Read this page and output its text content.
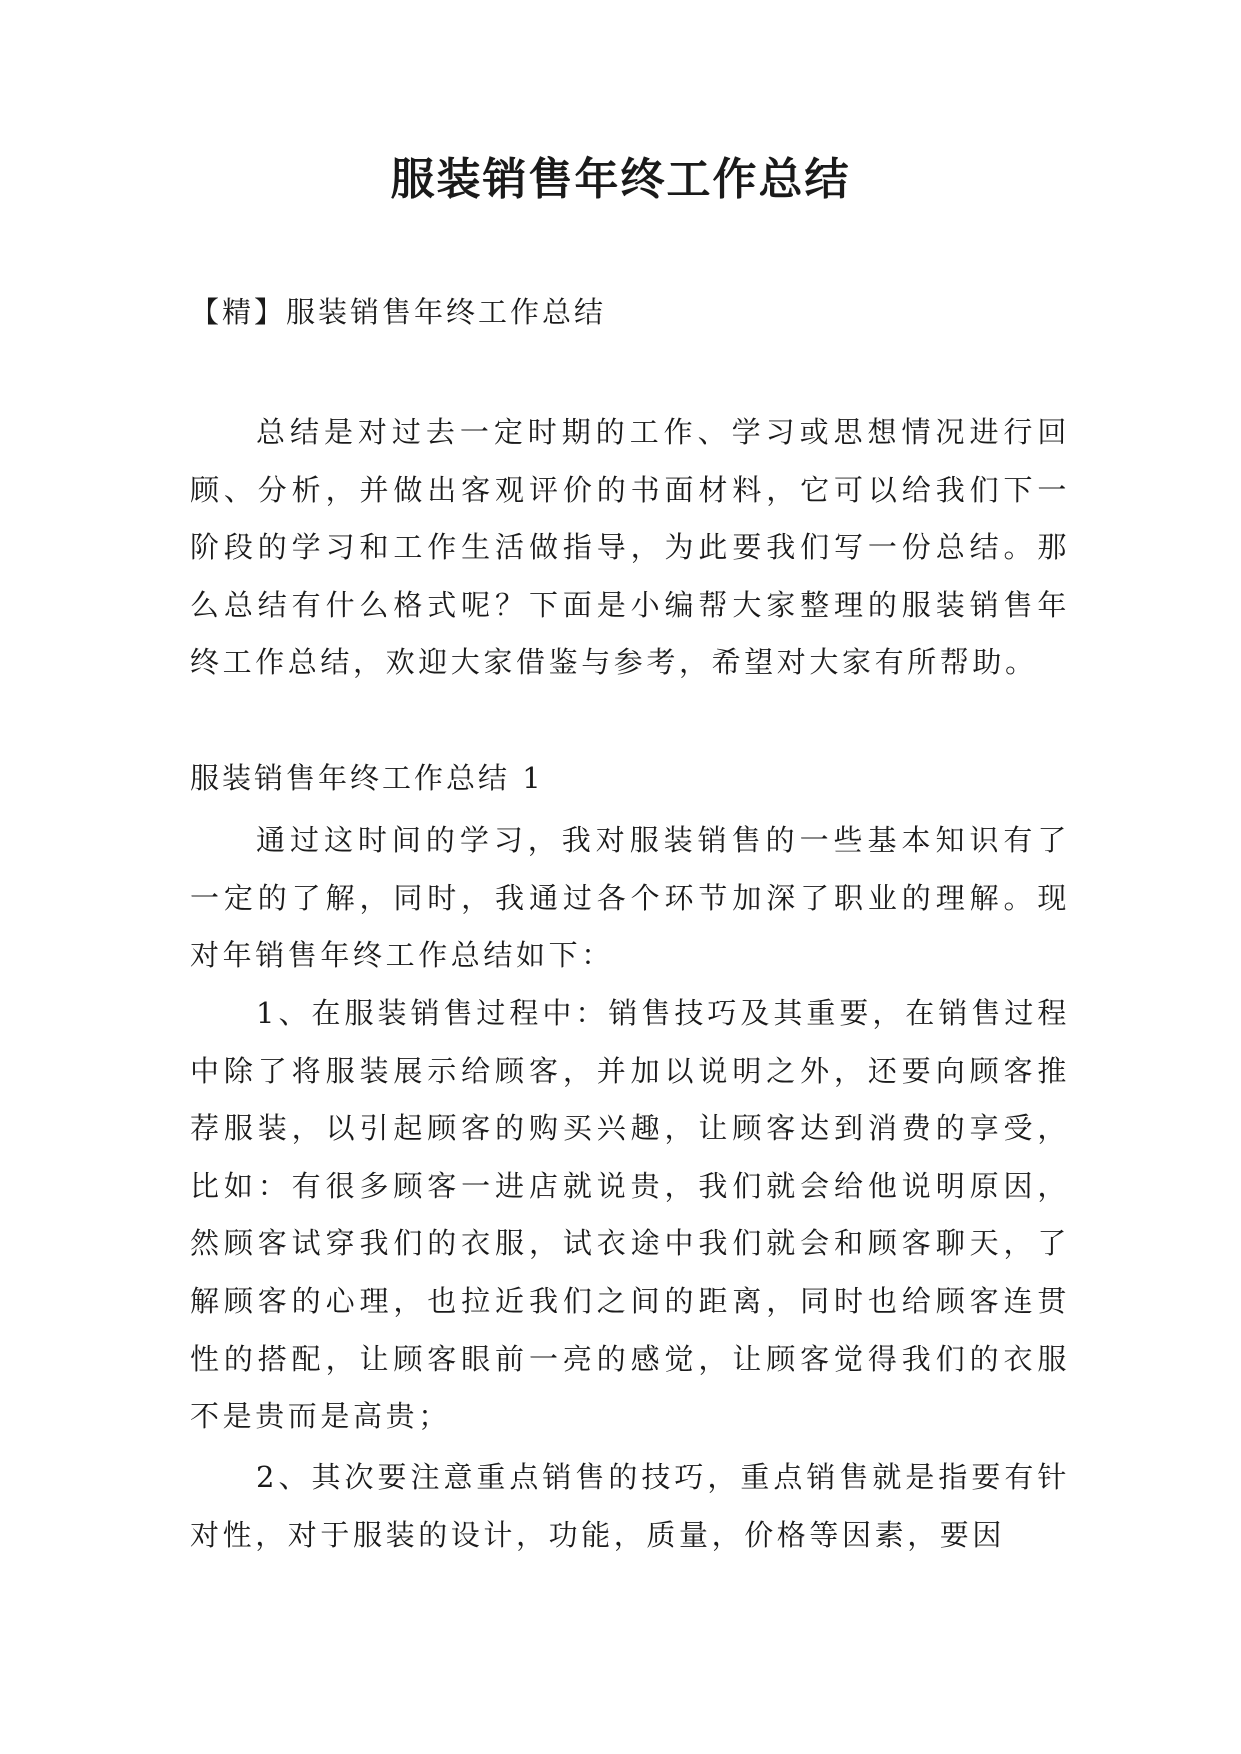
服装销售年终工作总结

【精】服装销售年终工作总结

总结是对过去一定时期的工作、学习或思想情况进行回顾、分析，并做出客观评价的书面材料，它可以给我们下一阶段的学习和工作生活做指导，为此要我们写一份总结。那么总结有什么格式呢？下面是小编帮大家整理的服装销售年终工作总结，欢迎大家借鉴与参考，希望对大家有所帮助。

服装销售年终工作总结 1

通过这时间的学习，我对服装销售的一些基本知识有了一定的了解，同时，我通过各个环节加深了职业的理解。现对年销售年终工作总结如下：

1、在服装销售过程中：销售技巧及其重要，在销售过程中除了将服装展示给顾客，并加以说明之外，还要向顾客推荐服装，以引起顾客的购买兴趣，让顾客达到消费的享受，比如：有很多顾客一进店就说贵，我们就会给他说明原因，然顾客试穿我们的衣服，试衣途中我们就会和顾客聊天，了解顾客的心理，也拉近我们之间的距离，同时也给顾客连贯性的搭配，让顾客眼前一亮的感觉，让顾客觉得我们的衣服不是贵而是高贵；

2、其次要注意重点销售的技巧，重点销售就是指要有针对性，对于服装的设计，功能，质量，价格等因素，要因
